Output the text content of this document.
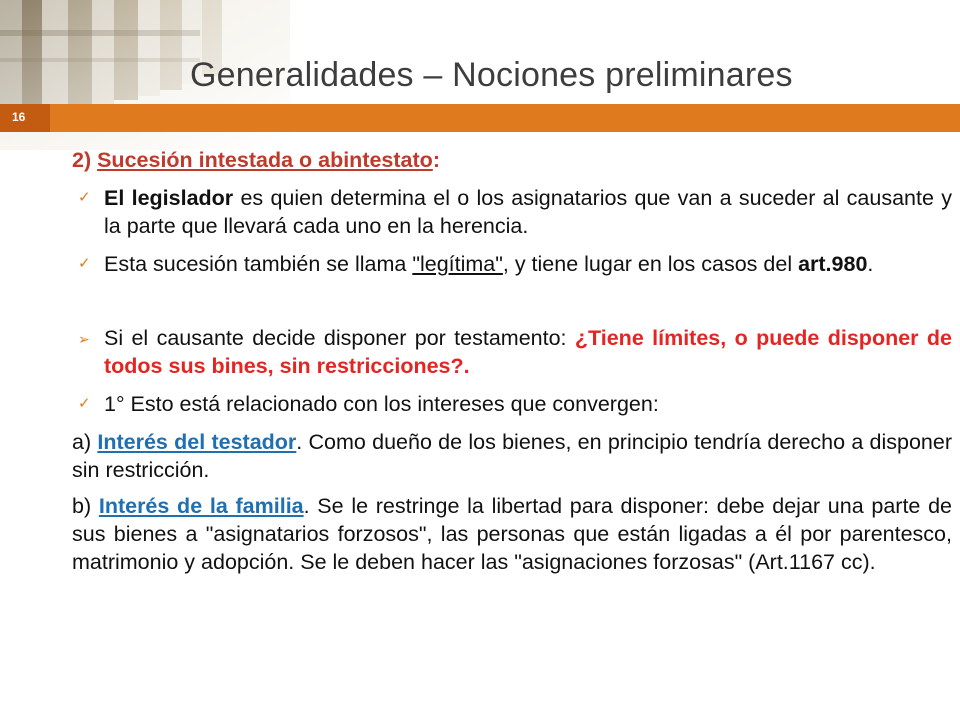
Generalidades – Nociones preliminares
16
2) Sucesión intestada o abintestato:
✓ El legislador es quien determina el o los asignatarios que van a suceder al causante y la parte que llevará cada uno en la herencia.
✓ Esta sucesión también se llama "legítima", y tiene lugar en los casos del art.980.
➢ Si el causante decide disponer por testamento: ¿Tiene límites, o puede disponer de todos sus bines, sin restricciones?.
✓ 1° Esto está relacionado con los intereses que convergen:
a) Interés del testador. Como dueño de los bienes, en principio tendría derecho a disponer sin restricción.
b) Interés de la familia. Se le restringe la libertad para disponer: debe dejar una parte de sus bienes a "asignatarios forzosos", las personas que están ligadas a él por parentesco, matrimonio y adopción. Se le deben hacer las "asignaciones forzosas" (Art.1167 cc).
